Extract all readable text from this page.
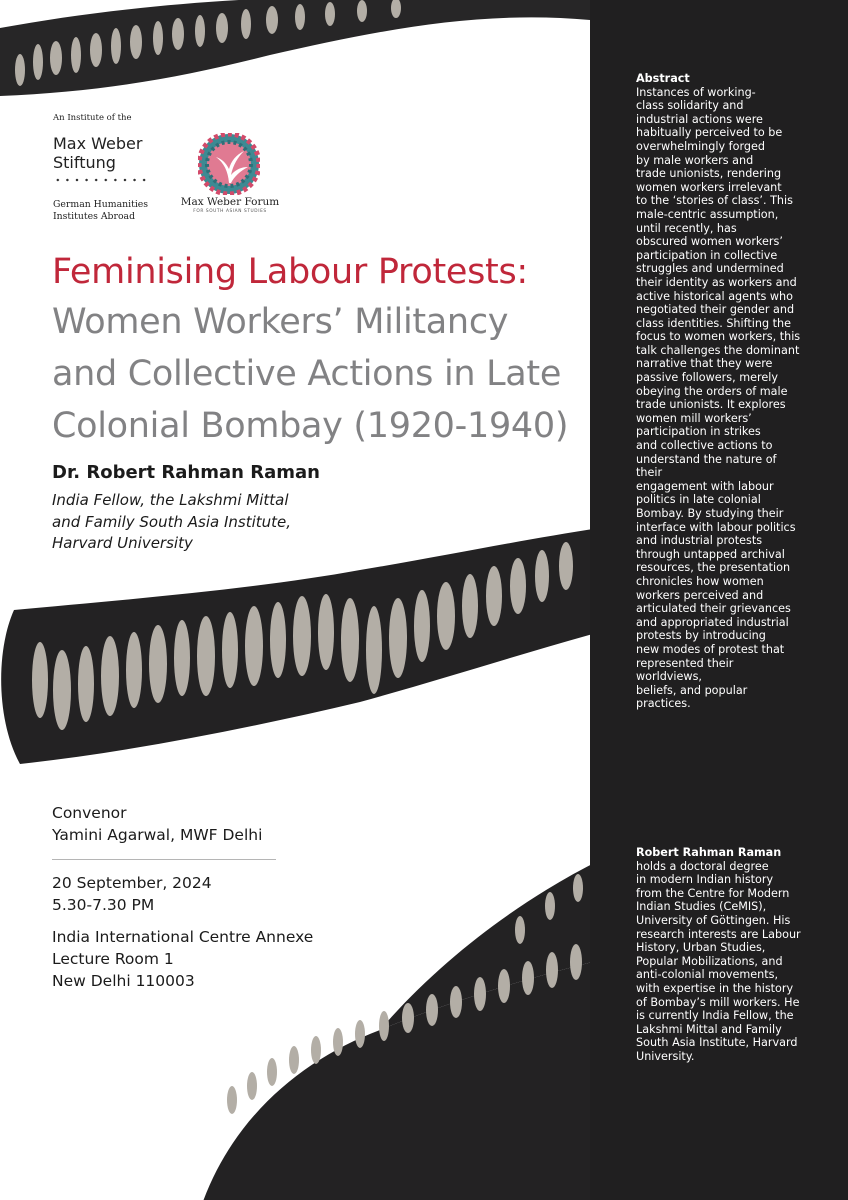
An Institute of the
Max Weber
Stiftung
German Humanities
Institutes Abroad
Max Weber Forum
FOR SOUTH ASIAN STUDIES
Feminising Labour Protests:
Women Workers’ Militancy
and Collective Actions in Late
Colonial Bombay (1920-1940)
Dr. Robert Rahman Raman
India Fellow, the Lakshmi Mittal
and Family South Asia Institute,
Harvard University
Convenor
Yamini Agarwal, MWF Delhi
20 September, 2024
5.30-7.30 PM
India International Centre Annexe
Lecture Room 1
New Delhi 110003
Abstract
Instances of working-
class solidarity and
industrial actions were
habitually perceived to be
overwhelmingly forged
by male workers and
trade unionists, rendering
women workers irrelevant
to the ‘stories of class’. This
male-centric assumption,
until recently, has
obscured women workers’
participation in collective
struggles and undermined
their identity as workers and
active historical agents who
negotiated their gender and
class identities. Shifting the
focus to women workers, this
talk challenges the dominant
narrative that they were
passive followers, merely
obeying the orders of male
trade unionists. It explores
women mill workers’
participation in strikes
and collective actions to
understand the nature of their
engagement with labour
politics in late colonial
Bombay. By studying their
interface with labour politics
and industrial protests
through untapped archival
resources, the presentation
chronicles how women
workers perceived and
articulated their grievances
and appropriated industrial
protests by introducing
new modes of protest that
represented their worldviews,
beliefs, and popular
practices.
Robert Rahman Raman
holds a doctoral degree
in modern Indian history
from the Centre for Modern
Indian Studies (CeMIS),
University of Göttingen. His
research interests are Labour
History, Urban Studies,
Popular Mobilizations, and
anti-colonial movements,
with expertise in the history
of Bombay’s mill workers. He
is currently India Fellow, the
Lakshmi Mittal and Family
South Asia Institute, Harvard
University.
